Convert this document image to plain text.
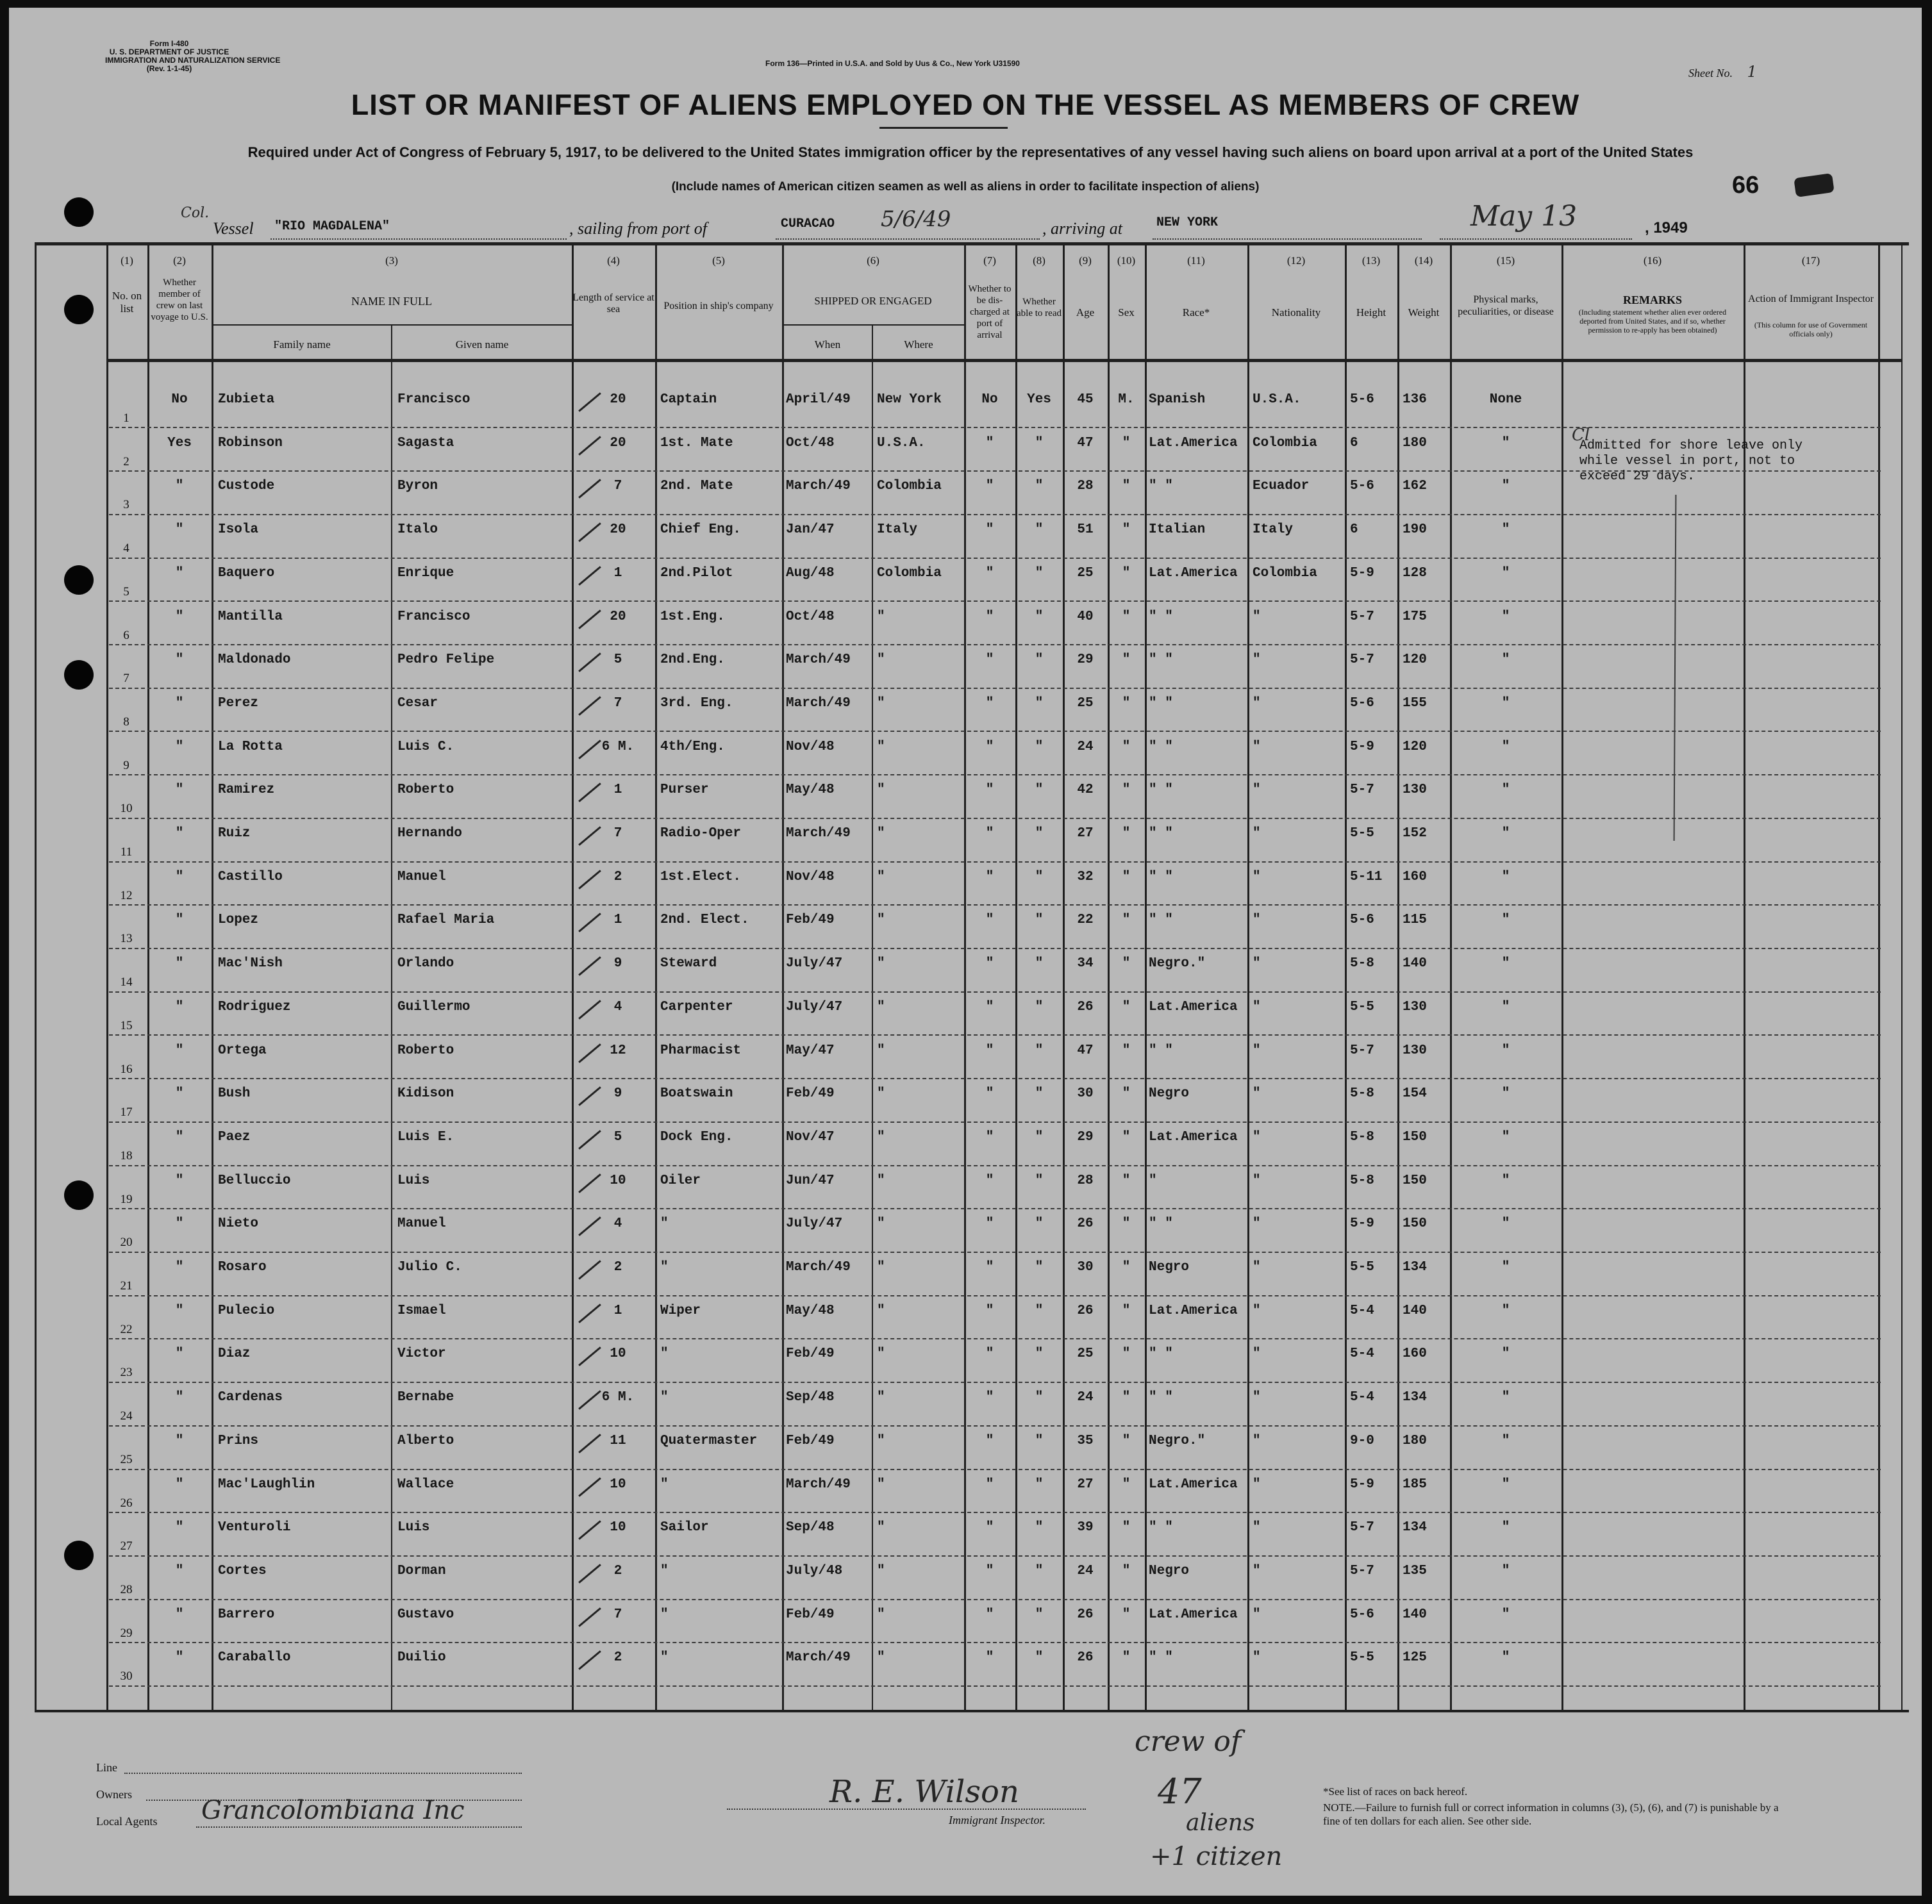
Form I-480
U. S. DEPARTMENT OF JUSTICE
IMMIGRATION AND NATURALIZATION SERVICE
(Rev. 1-1-45)
Form 136—Printed in U.S.A. and Sold by Uus & Co., New York U31590
Sheet No. 1
LIST OR MANIFEST OF ALIENS EMPLOYED ON THE VESSEL AS MEMBERS OF CREW
Required under Act of Congress of February 5, 1917, to be delivered to the United States immigration officer by the representatives of any vessel having such aliens on board upon arrival at a port of the United States
(Include names of American citizen seamen as well as aliens in order to facilitate inspection of aliens)	66
Col.
Vessel "RIO MAGDALENA"	, sailing from port of	CURACAO 5/6/49	, arriving at	NEW YORK	May 13	, 1949
(1)	(2)	(3)	(4)	(5)	(6)	(7)	(8)	(9)	(10)	(11)	(12)	(13)	(14)	(15)	(16)	(17)
No. on list
Whether member of crew on last voyage to U.S.
NAME IN FULL
Family name	Given name
Length of service at sea	Position in ship's company	SHIPPED OR ENGAGED
When	Where
Whether to be dis-charged at port of arrival
Whether able to read	Age	Sex	Race*	Nationality	Height	Weight
Physical marks, peculiarities, or disease
REMARKS
(Including statement whether alien ever ordered deported from United States, and if so, whether permission to re-apply has been obtained)
Action of Immigrant Inspector
(This column for use of Government officials only)
1
No	Zubieta	Francisco	20	Captain	April/49	New York	No	Yes	45	M.	Spanish	U.S.A.	5-6	136	None
2
Yes	Robinson	Sagasta	20	1st. Mate	Oct/48	U.S.A.	"	"	47	"	Lat.America	Colombia	6	180	"
3
"	Custode	Byron	7	2nd. Mate	March/49	Colombia	"	"	28	"	" "	Ecuador	5-6	162	"
4
"	Isola	Italo	20	Chief Eng.	Jan/47	Italy	"	"	51	"	Italian	Italy	6	190	"
5
"	Baquero	Enrique	1	2nd.Pilot	Aug/48	Colombia	"	"	25	"	Lat.America	Colombia	5-9	128	"
6
"	Mantilla	Francisco	20	1st.Eng.	Oct/48	"	"	"	40	"	" "	"	5-7	175	"
7
"	Maldonado	Pedro Felipe	5	2nd.Eng.	March/49	"	"	"	29	"	" "	"	5-7	120	"
8
"	Perez	Cesar	7	3rd. Eng.	March/49	"	"	"	25	"	" "	"	5-6	155	"
9
"	La Rotta	Luis C.	6 M.	4th/Eng.	Nov/48	"	"	"	24	"	" "	"	5-9	120	"
10
"	Ramirez	Roberto	1	Purser	May/48	"	"	"	42	"	" "	"	5-7	130	"
11
"	Ruiz	Hernando	7	Radio-Oper	March/49	"	"	"	27	"	" "	"	5-5	152	"
12
"	Castillo	Manuel	2	1st.Elect.	Nov/48	"	"	"	32	"	" "	"	5-11	160	"
13
"	Lopez	Rafael Maria	1	2nd. Elect.	Feb/49	"	"	"	22	"	" "	"	5-6	115	"
14
"	Mac'Nish	Orlando	9	Steward	July/47	"	"	"	34	"	Negro."	"	5-8	140	"
15
"	Rodriguez	Guillermo	4	Carpenter	July/47	"	"	"	26	"	Lat.America	"	5-5	130	"
16
"	Ortega	Roberto	12	Pharmacist	May/47	"	"	"	47	"	" "	"	5-7	130	"
17
"	Bush	Kidison	9	Boatswain	Feb/49	"	"	"	30	"	Negro	"	5-8	154	"
18
"	Paez	Luis E.	5	Dock Eng.	Nov/47	"	"	"	29	"	Lat.America	"	5-8	150	"
19
"	Belluccio	Luis	10	Oiler	Jun/47	"	"	"	28	"	"	"	5-8	150	"
20
"	Nieto	Manuel	4	"	July/47	"	"	"	26	"	" "	"	5-9	150	"
21
"	Rosaro	Julio C.	2	"	March/49	"	"	"	30	"	Negro	"	5-5	134	"
22
"	Pulecio	Ismael	1	Wiper	May/48	"	"	"	26	"	Lat.America	"	5-4	140	"
23
"	Diaz	Victor	10	"	Feb/49	"	"	"	25	"	" "	"	5-4	160	"
24
"	Cardenas	Bernabe	6 M.	"	Sep/48	"	"	"	24	"	" "	"	5-4	134	"
25
"	Prins	Alberto	11	Quatermaster	Feb/49	"	"	"	35	"	Negro."	"	9-0	180	"
26
"	Mac'Laughlin	Wallace	10	"	March/49	"	"	"	27	"	Lat.America	"	5-9	185	"
27
"	Venturoli	Luis	10	Sailor	Sep/48	"	"	"	39	"	" "	"	5-7	134	"
28
"	Cortes	Dorman	2	"	July/48	"	"	"	24	"	Negro	"	5-7	135	"
29
"	Barrero	Gustavo	7	"	Feb/49	"	"	"	26	"	Lat.America	"	5-6	140	"
30
"	Caraballo	Duilio	2	"	March/49	"	"	"	26	"	" "	"	5-5	125	"
Admitted for shore leave only while vessel in port, not to exceed 29 days.
Cl
Line
Owners
Local Agents Grancolombiana Inc
R. E. Wilson
Immigrant Inspector.
crew of
47
aliens
+1 citizen
*See list of races on back hereof.
NOTE.—Failure to furnish full or correct information in columns (3), (5), (6), and (7) is punishable by a fine of ten dollars for each alien. See other side.
